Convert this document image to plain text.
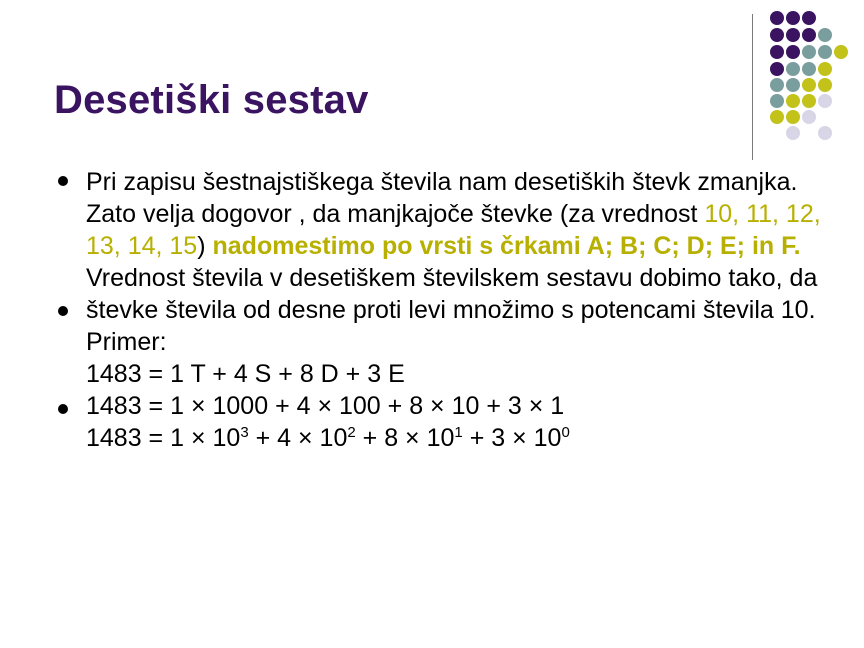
Desetiški sestav

Pri zapisu šestnajstiškega števila nam desetiških števk zmanjka. Zato velja dogovor , da manjkajoče števke (za vrednost 10, 11, 12, 13, 14, 15) nadomestimo po vrsti s črkami A; B; C; D; E; in F.

Vrednost števila v desetiškem številskem sestavu dobimo tako, da števke števila od desne proti levi množimo s potencami števila 10.

Primer:

1483 = 1 T + 4 S + 8 D + 3 E
1483 = 1 × 1000 + 4 × 100 + 8 × 10 + 3 × 1
$1483 = 1 \times 10^3 + 4 \times 10^2 + 8 \times 10^1 + 3 \times 10^0$
